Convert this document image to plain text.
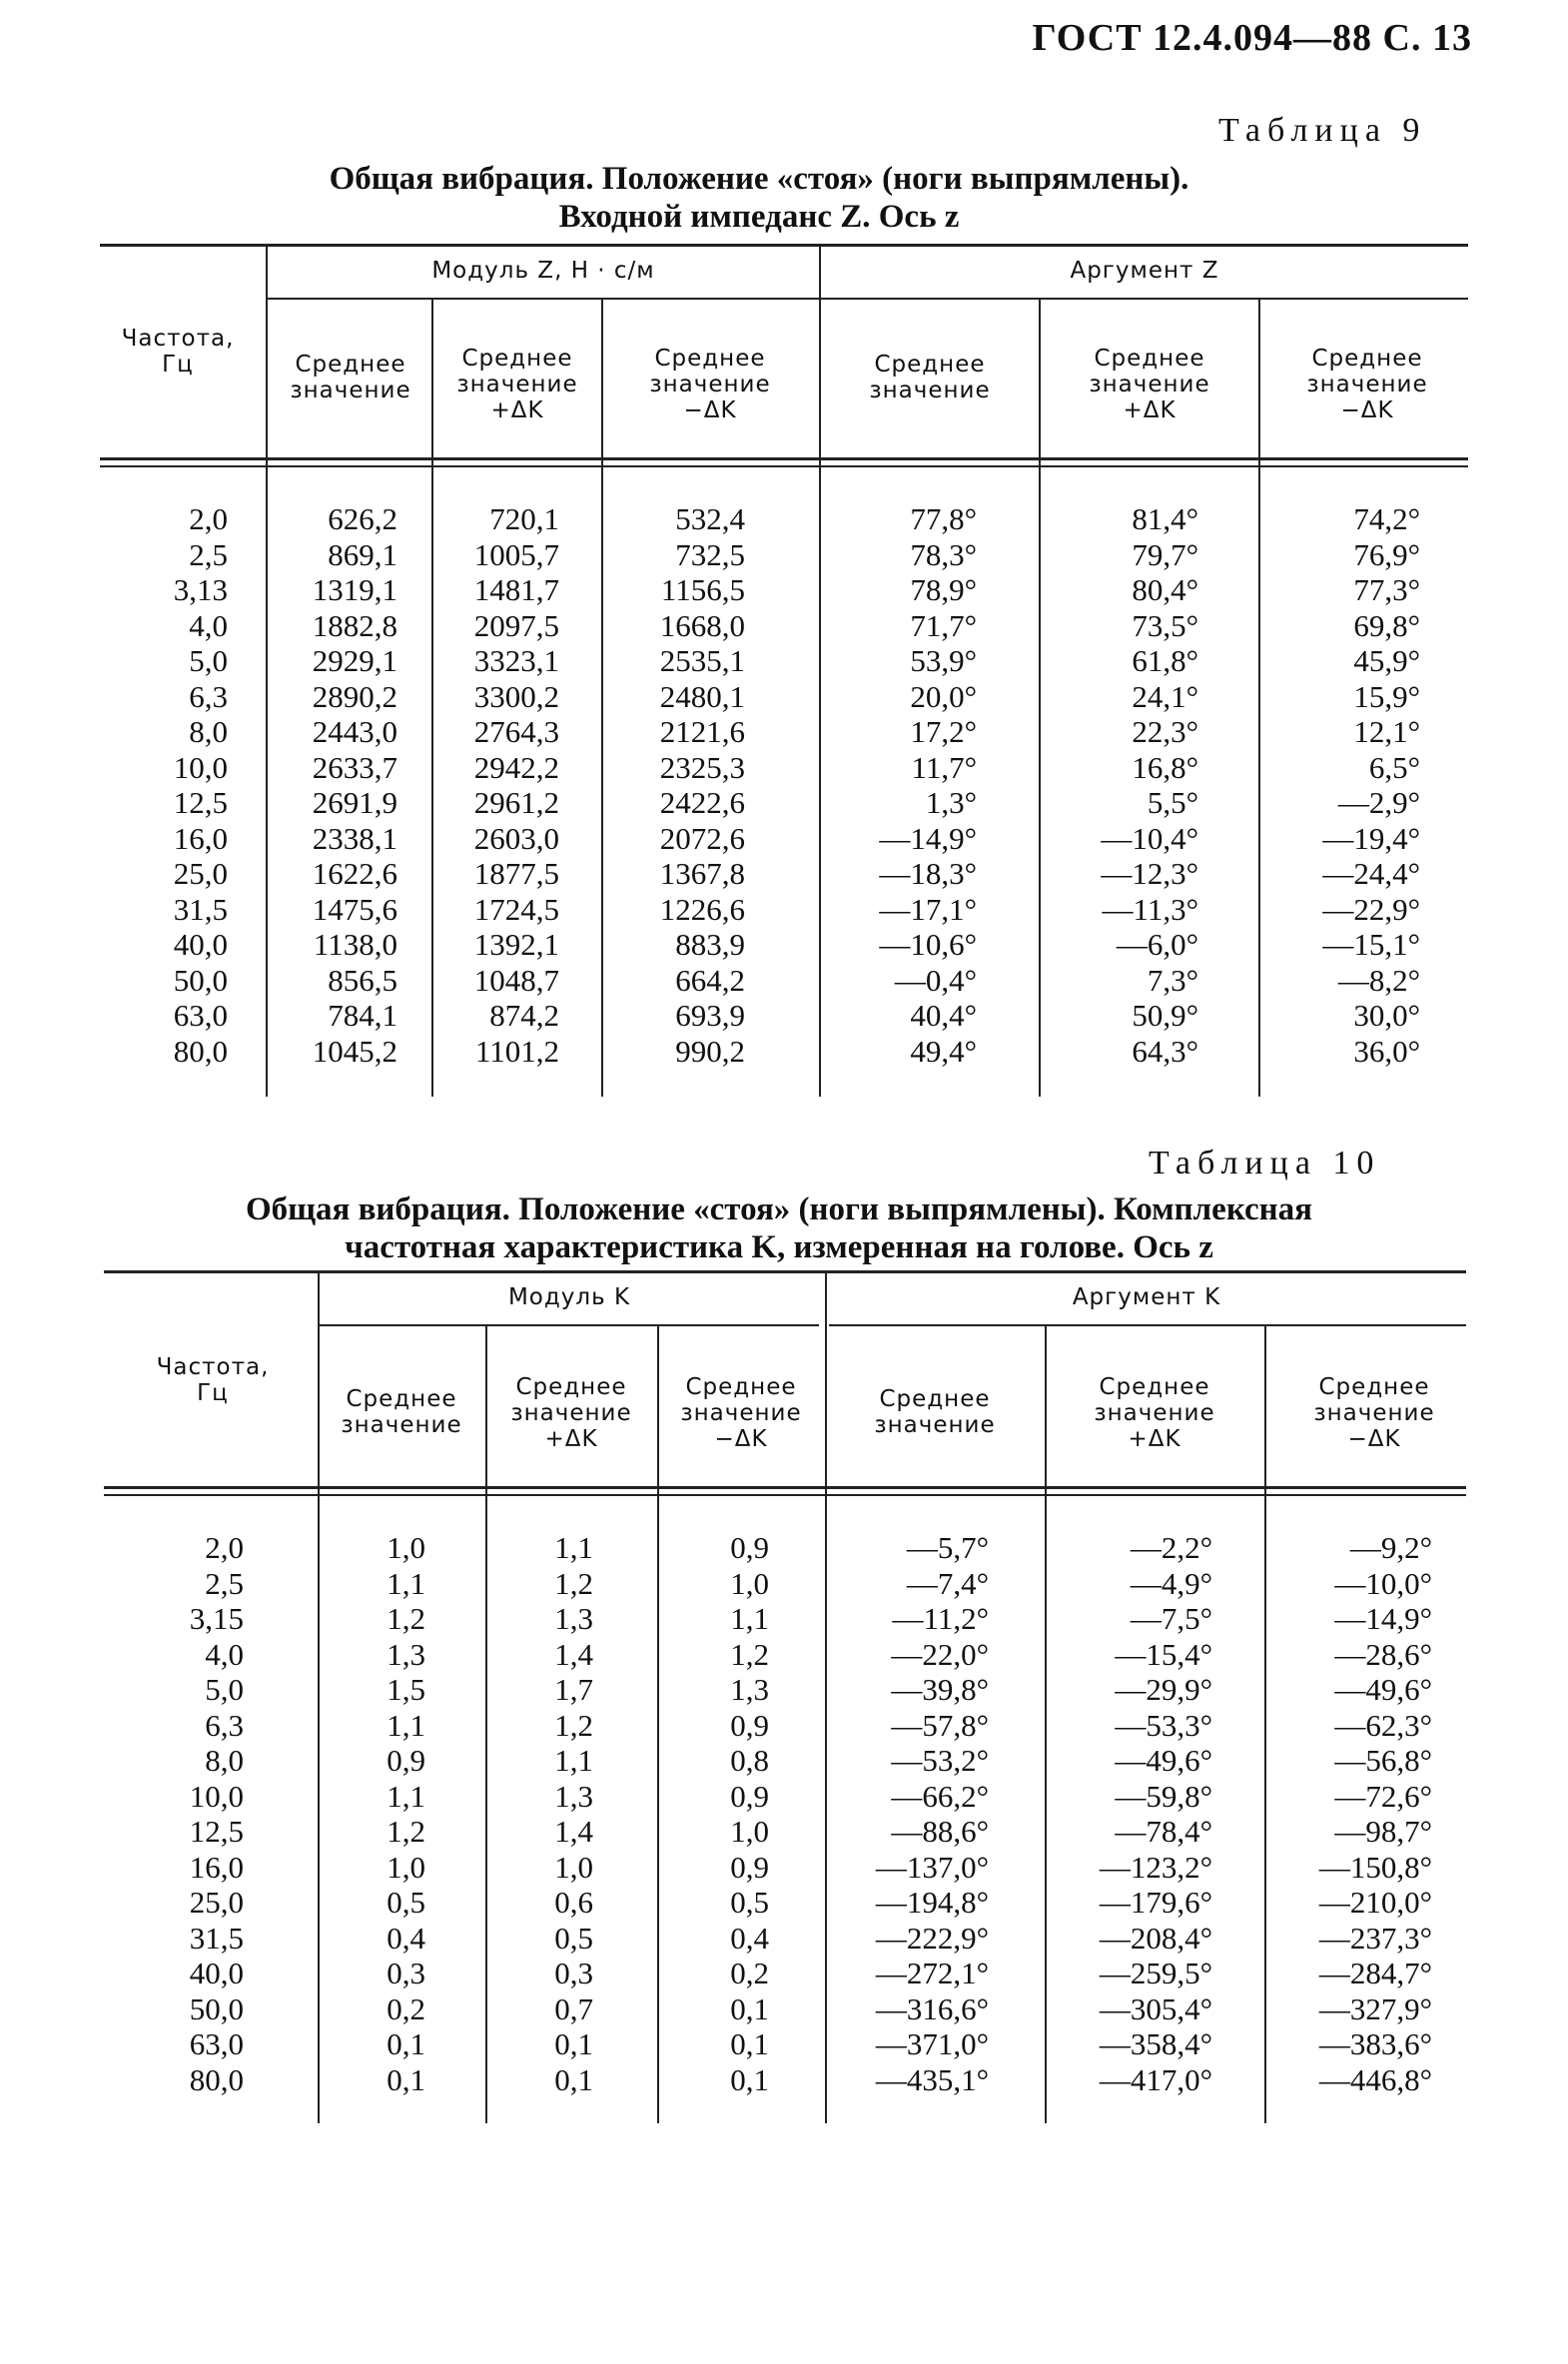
ГОСТ 12.4.094—88 С. 13
Таблица 9
Общая вибрация. Положение «стоя» (ноги выпрямлены).
Входной импеданс Z. Ось z
Частота, Гц
Модуль Z, Н · с/м	Аргумент Z
Среднее значение
Среднее значение +ΔK
Среднее значение −ΔK
Среднее значение
Среднее значение +ΔK
Среднее значение −ΔK
2,0
2,5
3,13
4,0
5,0
6,3
8,0
10,0
12,5
16,0
25,0
31,5
40,0
50,0
63,0
80,0
626,2
869,1
1319,1
1882,8
2929,1
2890,2
2443,0
2633,7
2691,9
2338,1
1622,6
1475,6
1138,0
856,5
784,1
1045,2
720,1
1005,7
1481,7
2097,5
3323,1
3300,2
2764,3
2942,2
2961,2
2603,0
1877,5
1724,5
1392,1
1048,7
874,2
1101,2
532,4
732,5
1156,5
1668,0
2535,1
2480,1
2121,6
2325,3
2422,6
2072,6
1367,8
1226,6
883,9
664,2
693,9
990,2
77,8°
78,3°
78,9°
71,7°
53,9°
20,0°
17,2°
11,7°
1,3°
—14,9°
—18,3°
—17,1°
—10,6°
—0,4°
40,4°
49,4°
81,4°
79,7°
80,4°
73,5°
61,8°
24,1°
22,3°
16,8°
5,5°
—10,4°
—12,3°
—11,3°
—6,0°
7,3°
50,9°
64,3°
74,2°
76,9°
77,3°
69,8°
45,9°
15,9°
12,1°
6,5°
—2,9°
—19,4°
—24,4°
—22,9°
—15,1°
—8,2°
30,0°
36,0°
Таблица 10
Общая вибрация. Положение «стоя» (ноги выпрямлены). Комплексная
частотная характеристика K, измеренная на голове. Ось z
Частота, Гц
Модуль K	Аргумент K
Среднее значение
Среднее значение +ΔK
Среднее значение −ΔK
Среднее значение
Среднее значение +ΔK
Среднее значение −ΔK
2,0
2,5
3,15
4,0
5,0
6,3
8,0
10,0
12,5
16,0
25,0
31,5
40,0
50,0
63,0
80,0
1,0
1,1
1,2
1,3
1,5
1,1
0,9
1,1
1,2
1,0
0,5
0,4
0,3
0,2
0,1
0,1
1,1
1,2
1,3
1,4
1,7
1,2
1,1
1,3
1,4
1,0
0,6
0,5
0,3
0,7
0,1
0,1
0,9
1,0
1,1
1,2
1,3
0,9
0,8
0,9
1,0
0,9
0,5
0,4
0,2
0,1
0,1
0,1
—5,7°
—7,4°
—11,2°
—22,0°
—39,8°
—57,8°
—53,2°
—66,2°
—88,6°
—137,0°
—194,8°
—222,9°
—272,1°
—316,6°
—371,0°
—435,1°
—2,2°
—4,9°
—7,5°
—15,4°
—29,9°
—53,3°
—49,6°
—59,8°
—78,4°
—123,2°
—179,6°
—208,4°
—259,5°
—305,4°
—358,4°
—417,0°
—9,2°
—10,0°
—14,9°
—28,6°
—49,6°
—62,3°
—56,8°
—72,6°
—98,7°
—150,8°
—210,0°
—237,3°
—284,7°
—327,9°
—383,6°
—446,8°
